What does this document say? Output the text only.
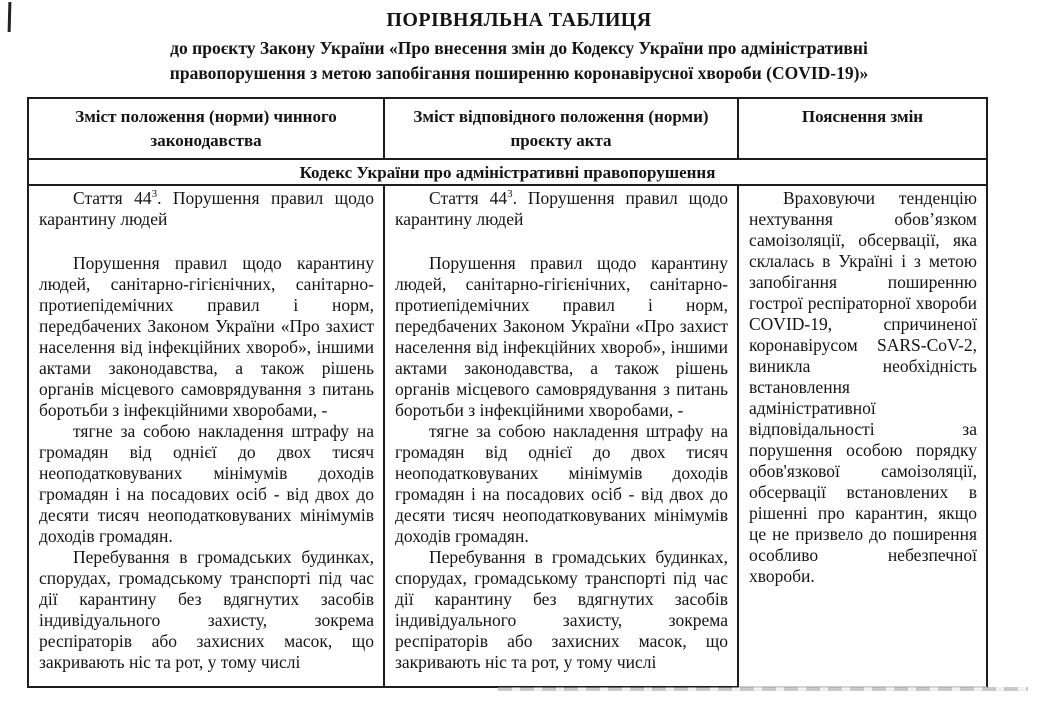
ПОРІВНЯЛЬНА ТАБЛИЦЯ
до проєкту Закону України «Про внесення змін до Кодексу України про адміністративні
правопорушення з метою запобігання поширенню коронавірусної хвороби (COVID-19)»
Зміст положення (норми) чинного законодавства
Зміст відповідного положення (норми) проєкту акта
Пояснення змін
Кодекс України про адміністративні правопорушення

Стаття $44^3$. Порушення правил щодо карантину людей

Порушення правил щодо карантину людей, санітарно-гігієнічних, санітарно-протиепідемічних правил і норм, передбачених Законом України «Про захист населення від інфекційних хвороб», іншими актами законодавства, а також рішень органів місцевого самоврядування з питань боротьби з інфекційними хворобами, -

тягне за собою накладення штрафу на громадян від однієї до двох тисяч неоподатковуваних мінімумів доходів громадян і на посадових осіб - від двох до десяти тисяч неоподатковуваних мінімумів доходів громадян.

Перебування в громадських будинках, спорудах, громадському транспорті під час дії карантину без вдягнутих засобів індивідуального захисту, зокрема респіраторів або захисних масок, що закривають ніс та рот, у тому числі

Стаття $44^3$. Порушення правил щодо карантину людей

Порушення правил щодо карантину людей, санітарно-гігієнічних, санітарно-протиепідемічних правил і норм, передбачених Законом України «Про захист населення від інфекційних хвороб», іншими актами законодавства, а також рішень органів місцевого самоврядування з питань боротьби з інфекційними хворобами, -

тягне за собою накладення штрафу на громадян від однієї до двох тисяч неоподатковуваних мінімумів доходів громадян і на посадових осіб - від двох до десяти тисяч неоподатковуваних мінімумів доходів громадян.

Перебування в громадських будинках, спорудах, громадському транспорті під час дії карантину без вдягнутих засобів індивідуального захисту, зокрема респіраторів або захисних масок, що закривають ніс та рот, у тому числі

Враховуючи тенденцію нехтування обов’язком самоізоляції, обсервації, яка склалась в Україні і з метою запобігання поширенню гострої респіраторної хвороби COVID-19, спричиненої коронавірусом SARS-CoV-2, виникла необхідність встановлення адміністративної відповідальності за порушення особою порядку обов'язкової самоізоляції, обсервації встановлених в рішенні про карантин, якщо це не призвело до поширення особливо небезпечної хвороби.
